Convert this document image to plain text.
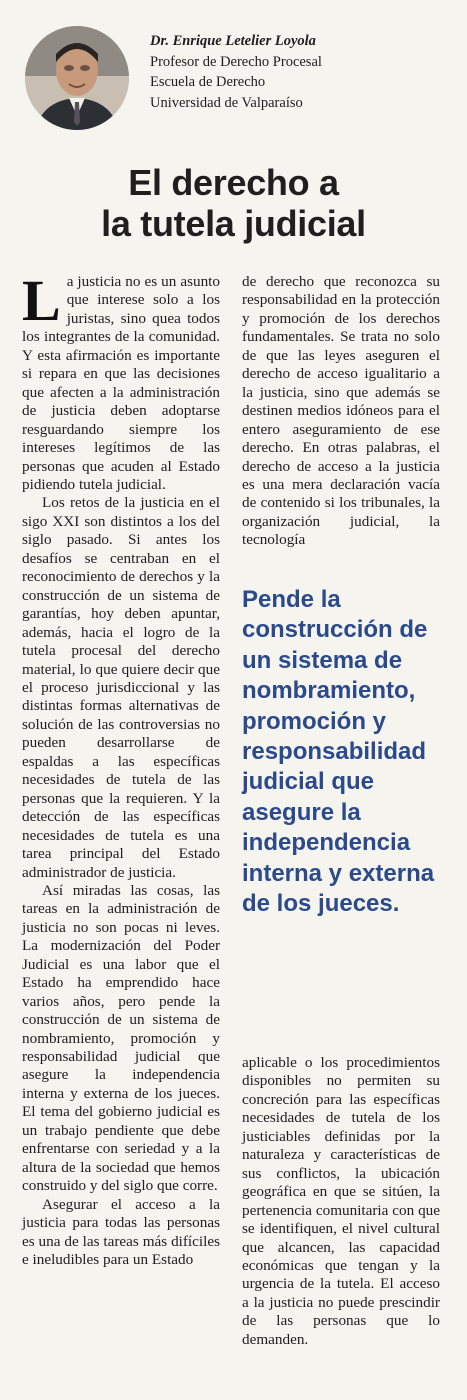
Dr. Enrique Letelier Loyola
Profesor de Derecho Procesal
Escuela de Derecho
Universidad de Valparaíso
El derecho a
la tutela judicial

La justicia no es un asunto que interese solo a los juristas, sino quea todos los integrantes de la comunidad. Y esta afirmación es importante si repara en que las decisiones que afecten a la administración de justicia deben adoptarse resguardando siempre los intereses legítimos de las personas que acuden al Estado pidiendo tutela judicial.

Los retos de la justicia en el sigo XXI son distintos a los del siglo pasado. Si antes los desafíos se centraban en el reconocimiento de derechos y la construcción de un sistema de garantías, hoy deben apuntar, además, hacia el logro de la tutela procesal del derecho material, lo que quiere decir que el proceso jurisdiccional y las distintas formas alternativas de solución de las controversias no pueden desarrollarse de espaldas a las específicas necesidades de tutela de las personas que la requieren. Y la detección de las específicas necesidades de tutela es una tarea principal del Estado administrador de justicia.

Así miradas las cosas, las tareas en la administración de justicia no son pocas ni leves. La modernización del Poder Judicial es una labor que el Estado ha emprendido hace varios años, pero pende la construcción de un sistema de nombramiento, promoción y responsabilidad judicial que asegure la independencia interna y externa de los jueces. El tema del gobierno judicial es un trabajo pendiente que debe enfrentarse con seriedad y a la altura de la sociedad que hemos construido y del siglo que corre.

Asegurar el acceso a la justicia para todas las personas es una de las tareas más difíciles e ineludibles para un Estado

de derecho que reconozca su responsabilidad en la protección y promoción de los derechos fundamentales. Se trata no solo de que las leyes aseguren el derecho de acceso igualitario a la justicia, sino que además se destinen medios idóneos para el entero aseguramiento de ese derecho. En otras palabras, el derecho de acceso a la justicia es una mera declaración vacía de contenido si los tribunales, la organización judicial, la tecnología

Pende la construcción de un sistema de nombramiento, promoción y responsabilidad judicial que asegure la independencia interna y externa de los jueces.

aplicable o los procedimientos disponibles no permiten su concreción para las específicas necesidades de tutela de los justiciables definidas por la naturaleza y características de sus conflictos, la ubicación geográfica en que se sitúen, la pertenencia comunitaria con que se identifiquen, el nivel cultural que alcancen, las capacidad económicas que tengan y la urgencia de la tutela. El acceso a la justicia no puede prescindir de las personas que lo demanden.
